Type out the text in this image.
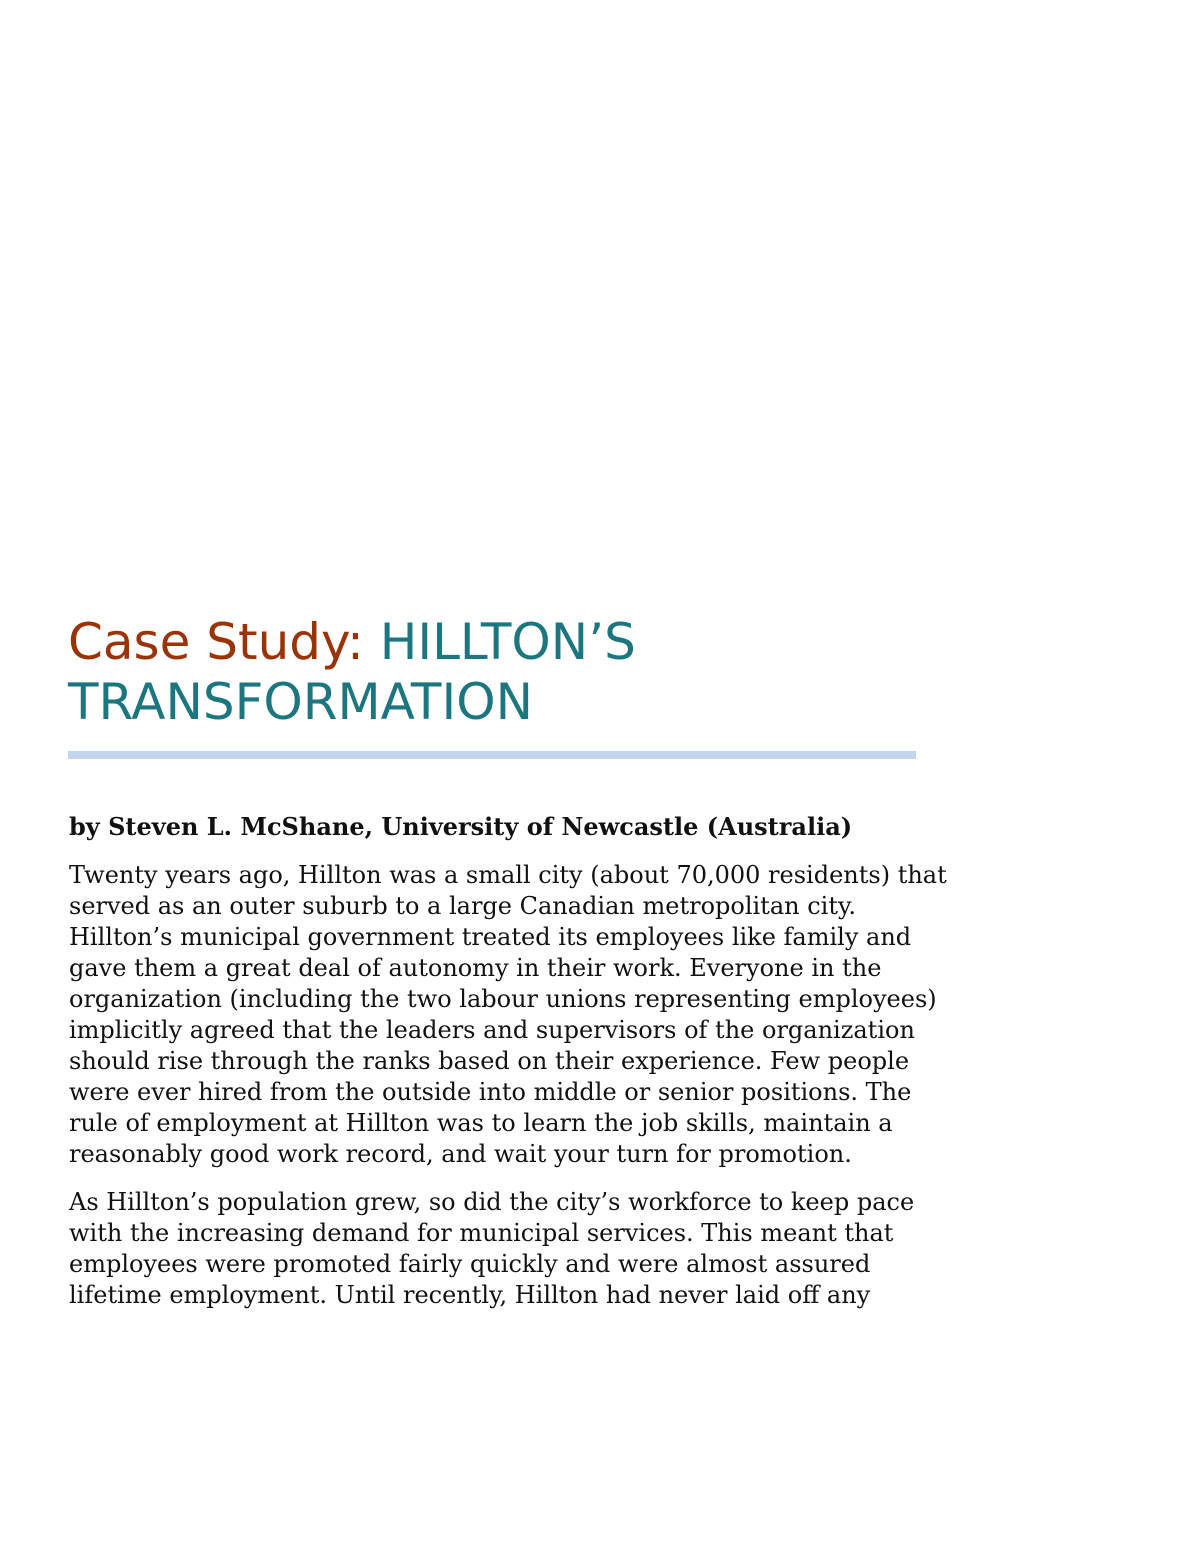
Case Study: HILLTON’S TRANSFORMATION

by Steven L. McShane, University of Newcastle (Australia)

Twenty years ago, Hillton was a small city (about 70,000 residents) that
served as an outer suburb to a large Canadian metropolitan city.
Hillton’s municipal government treated its employees like family and
gave them a great deal of autonomy in their work. Everyone in the
organization (including the two labour unions representing employees)
implicitly agreed that the leaders and supervisors of the organization
should rise through the ranks based on their experience. Few people
were ever hired from the outside into middle or senior positions. The
rule of employment at Hillton was to learn the job skills, maintain a
reasonably good work record, and wait your turn for promotion.

As Hillton’s population grew, so did the city’s workforce to keep pace
with the increasing demand for municipal services. This meant that
employees were promoted fairly quickly and were almost assured
lifetime employment. Until recently, Hillton had never laid off any
